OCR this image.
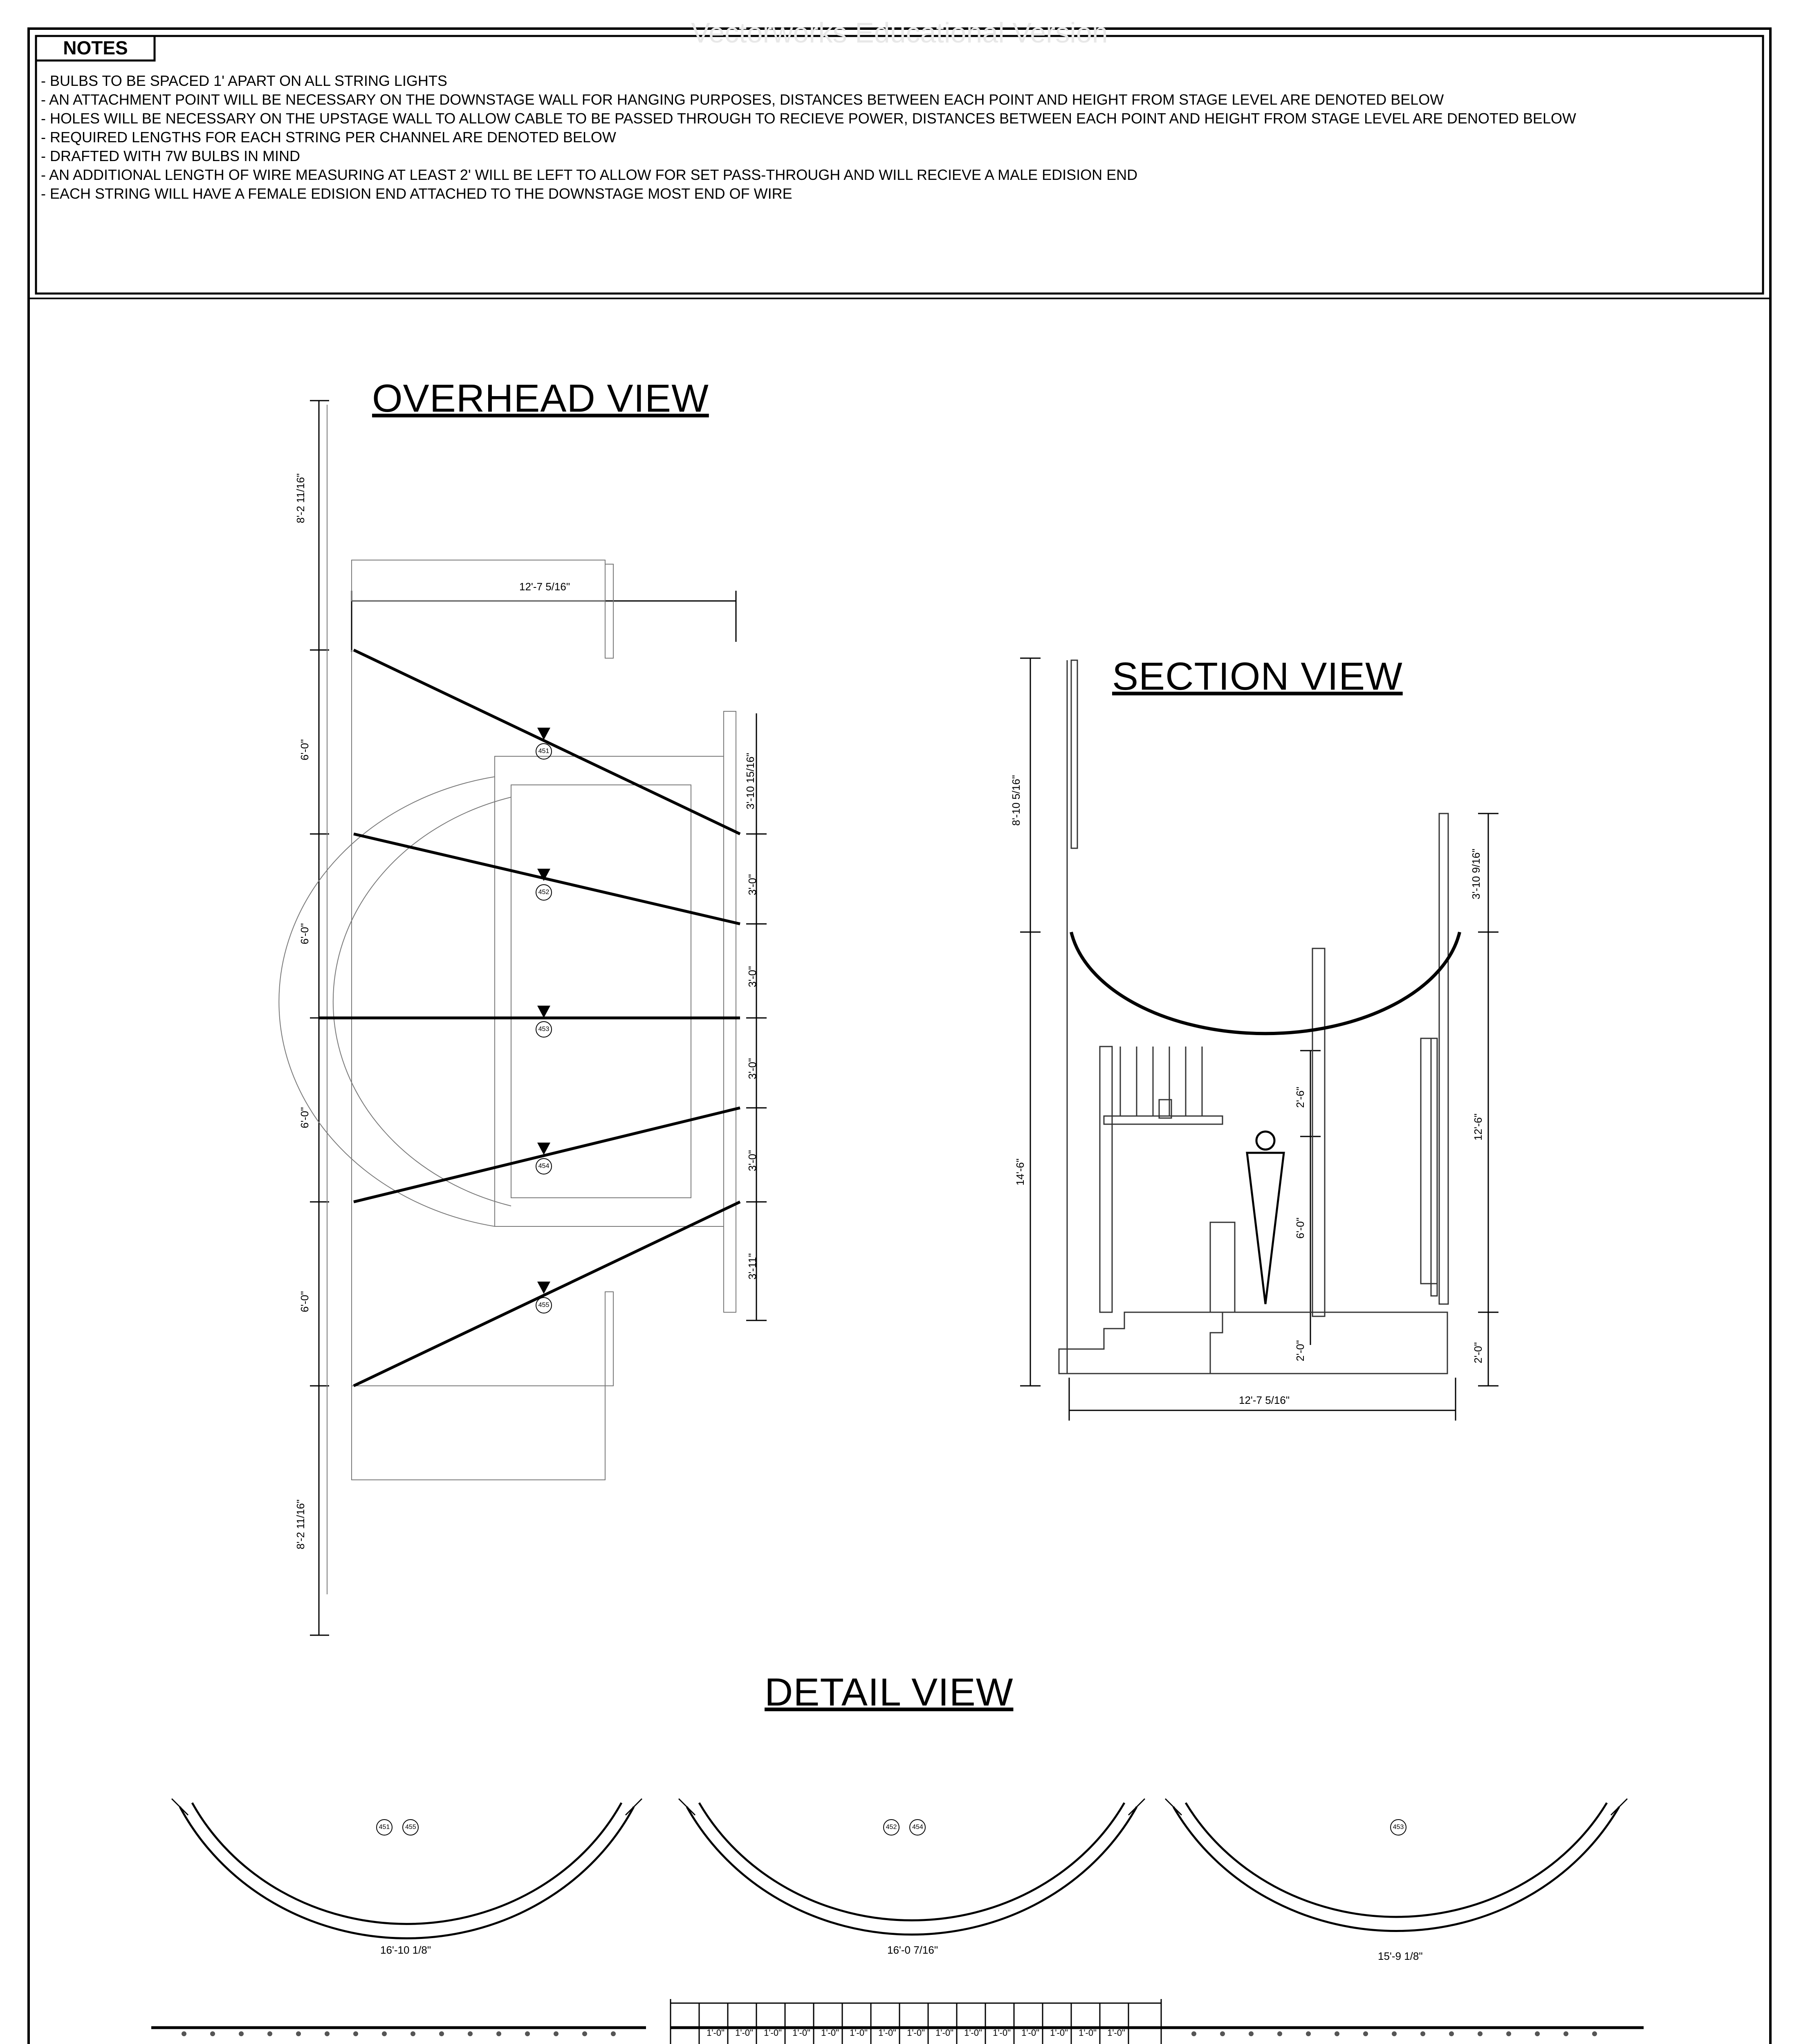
Vectorworks Educational Version
NOTES
- BULBS TO BE SPACED 1' APART ON ALL STRING LIGHTS
- AN ATTACHMENT POINT WILL BE NECESSARY ON THE DOWNSTAGE WALL FOR HANGING PURPOSES, DISTANCES BETWEEN EACH POINT AND HEIGHT FROM STAGE LEVEL ARE DENOTED BELOW
- HOLES WILL BE NECESSARY ON THE UPSTAGE WALL TO ALLOW CABLE TO BE PASSED THROUGH TO RECIEVE POWER, DISTANCES BETWEEN EACH POINT AND HEIGHT FROM STAGE LEVEL ARE DENOTED BELOW
- REQUIRED LENGTHS FOR EACH STRING PER CHANNEL ARE DENOTED BELOW
- DRAFTED WITH 7W BULBS IN MIND
- AN ADDITIONAL LENGTH OF WIRE MEASURING AT LEAST 2' WILL BE LEFT TO ALLOW FOR SET PASS-THROUGH AND WILL RECIEVE A MALE EDISION END
- EACH STRING WILL HAVE A FEMALE EDISION END ATTACHED TO THE DOWNSTAGE MOST END OF WIRE
OVERHEAD VIEW
SECTION VIEW
DETAIL VIEW
12'-7 5/16"
8'-2 11/16"
6'-0"
6'-0"
6'-0"
6'-0"
8'-2 11/16"
3'-10 15/16"
3'-0"
3'-0"
3'-0"
3'-0"
3'-11"
451
452
453
454
455
8'-10 5/16"
14'-6"
3'-10 9/16"
12'-6"
2'-0"
2'-6"
6'-0"
2'-0"
12'-7 5/16"
451 455	452 454	453
16'-10 1/8"	16'-0 7/16"	15'-9 1/8"
1'-0"	1'-0"	1'-0"	1'-0"	1'-0"	1'-0"	1'-0"	1'-0"	1'-0"	1'-0"	1'-0"	1'-0"	1'-0"	1'-0"	1'-0"
